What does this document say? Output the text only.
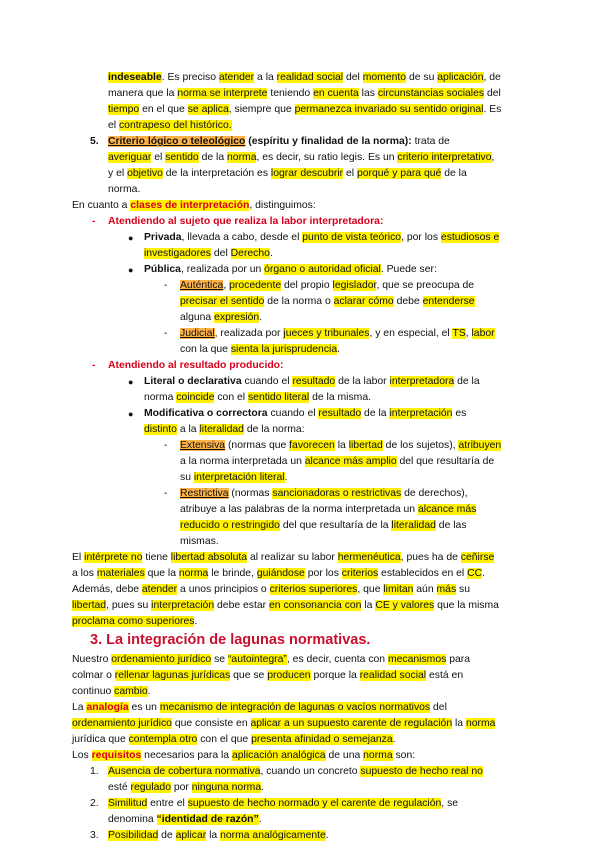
indeseable. Es preciso atender a la realidad social del momento de su aplicación, de
manera que la norma se interprete teniendo en cuenta las circunstancias sociales del
tiempo en el que se aplica, siempre que permanezca invariado su sentido original. Es
el contrapeso del histórico.
5. Criterio lógico o teleológico (espíritu y finalidad de la norma): trata de
averiguar el sentido de la norma, es decir, su ratio legis. Es un criterio interpretativo,
y el objetivo de la interpretación es lograr descubrir el porqué y para qué de la
norma.
En cuanto a clases de interpretación, distinguimos:
- Atendiendo al sujeto que realiza la labor interpretadora:
● Privada, llevada a cabo, desde el punto de vista teórico, por los estudiosos e
investigadores del Derecho.
● Pública, realizada por un órgano o autoridad oficial. Puede ser:
- Auténtica, procedente del propio legislador, que se preocupa de
precisar el sentido de la norma o aclarar cómo debe entenderse
alguna expresión.
- Judicial, realizada por jueces y tribunales, y en especial, el TS, labor
con la que sienta la jurisprudencia.
- Atendiendo al resultado producido:
● Literal o declarativa cuando el resultado de la labor interpretadora de la
norma coincide con el sentido literal de la misma.
● Modificativa o correctora cuando el resultado de la interpretación es
distinto a la literalidad de la norma:
- Extensiva (normas que favorecen la libertad de los sujetos), atribuyen
a la norma interpretada un alcance más amplio del que resultaría de
su interpretación literal.
- Restrictiva (normas sancionadoras o restrictivas de derechos),
atribuye a las palabras de la norma interpretada un alcance más
reducido o restringido del que resultaría de la literalidad de las
mismas.
El intérprete no tiene libertad absoluta al realizar su labor hermenéutica, pues ha de ceñirse
a los materiales que la norma le brinde, guiándose por los criterios establecidos en el CC.
Además, debe atender a unos principios o criterios superiores, que limitan aún más su
libertad, pues su interpretación debe estar en consonancia con la CE y valores que la misma
proclama como superiores.
3. La integración de lagunas normativas.
Nuestro ordenamiento jurídico se “autointegra”, es decir, cuenta con mecanismos para
colmar o rellenar lagunas jurídicas que se producen porque la realidad social está en
continuo cambio.
La analogía es un mecanismo de integración de lagunas o vacíos normativos del
ordenamiento jurídico que consiste en aplicar a un supuesto carente de regulación la norma
jurídica que contempla otro con el que presenta afinidad o semejanza.
Los requisitos necesarios para la aplicación analógica de una norma son:
1. Ausencia de cobertura normativa, cuando un concreto supuesto de hecho real no
esté regulado por ninguna norma.
2. Similitud entre el supuesto de hecho normado y el carente de regulación, se
denomina “identidad de razón”.
3. Posibilidad de aplicar la norma analógicamente.
